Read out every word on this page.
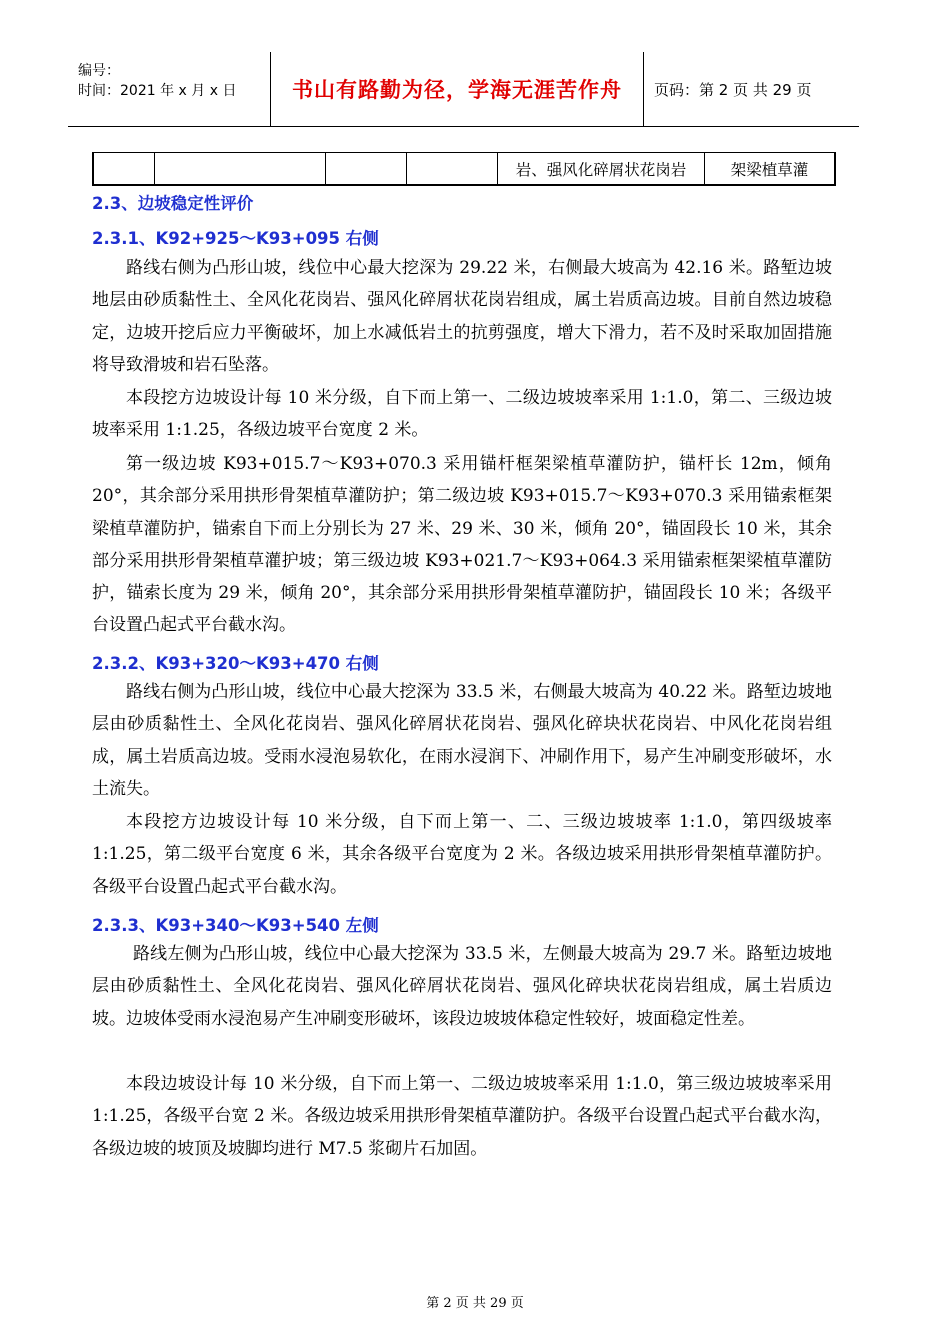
编号：
时间：2021 年 x 月 x 日	书山有路勤为径，学海无涯苦作舟 页码：第 2 页 共 29 页
				岩、强风化碎屑状花岗岩	架梁植草灌
2.3、边坡稳定性评价
2.3.1、K92+925～K93+095 右侧

路线右侧为凸形山坡，线位中心最大挖深为 29.22 米，右侧最大坡高为 42.16 米。路堑边坡地层由砂质黏性土、全风化花岗岩、强风化碎屑状花岗岩组成，属土岩质高边坡。目前自然边坡稳定，边坡开挖后应力平衡破坏，加上水减低岩土的抗剪强度，增大下滑力，若不及时采取加固措施将导致滑坡和岩石坠落。

本段挖方边坡设计每 10 米分级，自下而上第一、二级边坡坡率采用 1:1.0，第二、三级边坡坡率采用 1:1.25，各级边坡平台宽度 2 米。

第一级边坡 K93+015.7～K93+070.3 采用锚杆框架梁植草灌防护，锚杆长 12m，倾角 20°，其余部分采用拱形骨架植草灌防护；第二级边坡 K93+015.7～K93+070.3 采用锚索框架梁植草灌防护，锚索自下而上分别长为 27 米、29 米、30 米，倾角 20°，锚固段长 10 米，其余部分采用拱形骨架植草灌护坡；第三级边坡 K93+021.7～K93+064.3 采用锚索框架梁植草灌防护，锚索长度为 29 米，倾角 20°，其余部分采用拱形骨架植草灌防护，锚固段长 10 米；各级平台设置凸起式平台截水沟。

2.3.2、K93+320～K93+470 右侧

路线右侧为凸形山坡，线位中心最大挖深为 33.5 米，右侧最大坡高为 40.22 米。路堑边坡地层由砂质黏性土、全风化花岗岩、强风化碎屑状花岗岩、强风化碎块状花岗岩、中风化花岗岩组成，属土岩质高边坡。受雨水浸泡易软化，在雨水浸润下、冲刷作用下，易产生冲刷变形破坏，水土流失。

本段挖方边坡设计每 10 米分级，自下而上第一、二、三级边坡坡率 1:1.0，第四级坡率 1:1.25，第二级平台宽度 6 米，其余各级平台宽度为 2 米。各级边坡采用拱形骨架植草灌防护。各级平台设置凸起式平台截水沟。

2.3.3、K93+340～K93+540 左侧

路线左侧为凸形山坡，线位中心最大挖深为 33.5 米，左侧最大坡高为 29.7 米。路堑边坡地层由砂质黏性土、全风化花岗岩、强风化碎屑状花岗岩、强风化碎块状花岗岩组成，属土岩质边坡。边坡体受雨水浸泡易产生冲刷变形破坏，该段边坡坡体稳定性较好，坡面稳定性差。

本段边坡设计每 10 米分级，自下而上第一、二级边坡坡率采用 1:1.0，第三级边坡坡率采用 1:1.25，各级平台宽 2 米。各级边坡采用拱形骨架植草灌防护。各级平台设置凸起式平台截水沟，各级边坡的坡顶及坡脚均进行 M7.5 浆砌片石加固。

第 2 页 共 29 页
